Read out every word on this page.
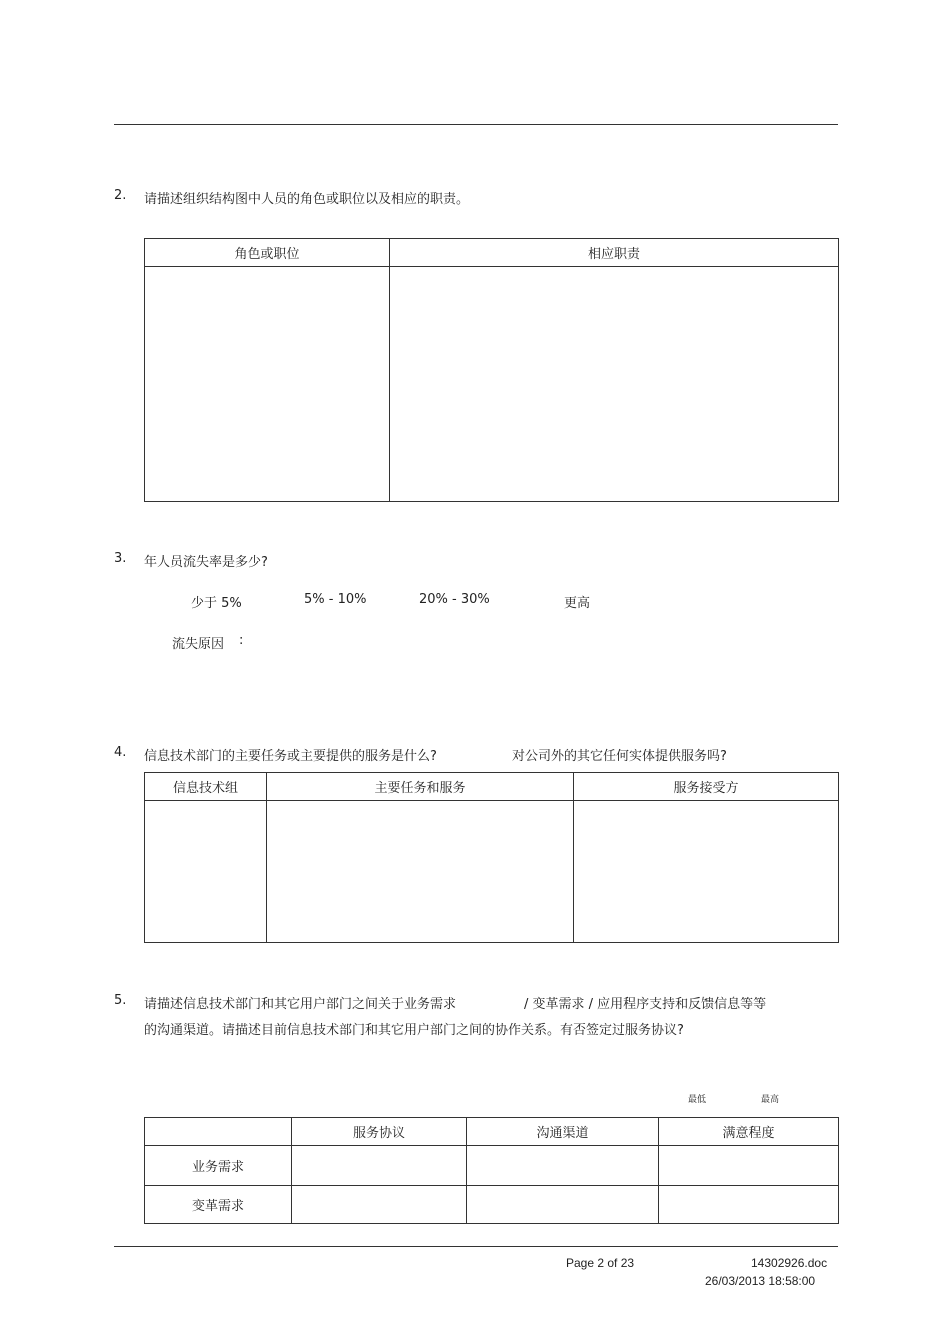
2. 请描述组织结构图中人员的角色或职位以及相应的职责。
角色或职位	相应职责

3. 年人员流失率是多少?
少于 5%	5% - 10%	20% - 30%	更高
流失原因 :
4. 信息技术部门的主要任务或主要提供的服务是什么?	对公司外的其它任何实体提供服务吗?
信息技术组	主要任务和服务	服务接受方

5. 请描述信息技术部门和其它用户部门之间关于业务需求	/ 变革需求 / 应用程序支持和反馈信息等等
的沟通渠道。请描述目前信息技术部门和其它用户部门之间的协作关系。有否签定过服务协议?
最低	最高
	服务协议	沟通渠道	满意程度
业务需求			
变革需求			
Page 2 of 23	14302926.doc
26/03/2013 18:58:00
